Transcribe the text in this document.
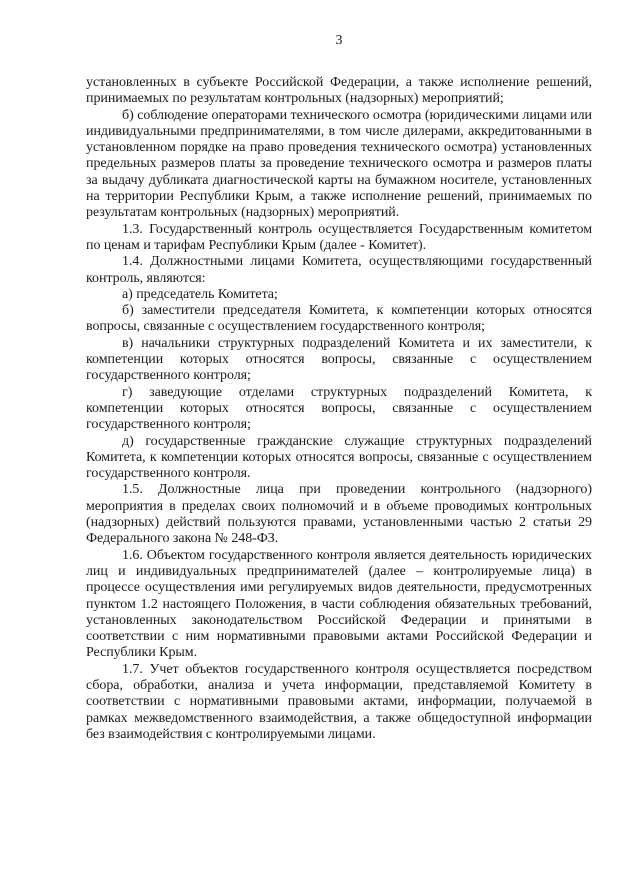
3

установленных в субъекте Российской Федерации, а также исполнение решений, принимаемых по результатам контрольных (надзорных) мероприятий;

б) соблюдение операторами технического осмотра (юридическими лицами или индивидуальными предпринимателями, в том числе дилерами, аккредитованными в установленном порядке на право проведения технического осмотра) установленных предельных размеров платы за проведение технического осмотра и размеров платы за выдачу дубликата диагностической карты на бумажном носителе, установленных на территории Республики Крым, а также исполнение решений, принимаемых по результатам контрольных (надзорных) мероприятий.

1.3. Государственный контроль осуществляется Государственным комитетом по ценам и тарифам Республики Крым (далее - Комитет).

1.4. Должностными лицами Комитета, осуществляющими государственный контроль, являются:

а) председатель Комитета;

б) заместители председателя Комитета, к компетенции которых относятся вопросы, связанные с осуществлением государственного контроля;

в) начальники структурных подразделений Комитета и их заместители, к компетенции которых относятся вопросы, связанные с осуществлением государственного контроля;

г) заведующие отделами структурных подразделений Комитета, к компетенции которых относятся вопросы, связанные с осуществлением государственного контроля;

д) государственные гражданские служащие структурных подразделений Комитета, к компетенции которых относятся вопросы, связанные с осуществлением государственного контроля.

1.5. Должностные лица при проведении контрольного (надзорного) мероприятия в пределах своих полномочий и в объеме проводимых контрольных (надзорных) действий пользуются правами, установленными частью 2 статьи 29 Федерального закона № 248-ФЗ.

1.6. Объектом государственного контроля является деятельность юридических лиц и индивидуальных предпринимателей (далее – контролируемые лица) в процессе осуществления ими регулируемых видов деятельности, предусмотренных пунктом 1.2 настоящего Положения, в части соблюдения обязательных требований, установленных законодательством Российской Федерации и принятыми в соответствии с ним нормативными правовыми актами Российской Федерации и Республики Крым.

1.7. Учет объектов государственного контроля осуществляется посредством сбора, обработки, анализа и учета информации, представляемой Комитету в соответствии с нормативными правовыми актами, информации, получаемой в рамках межведомственного взаимодействия, а также общедоступной информации без взаимодействия с контролируемыми лицами.
